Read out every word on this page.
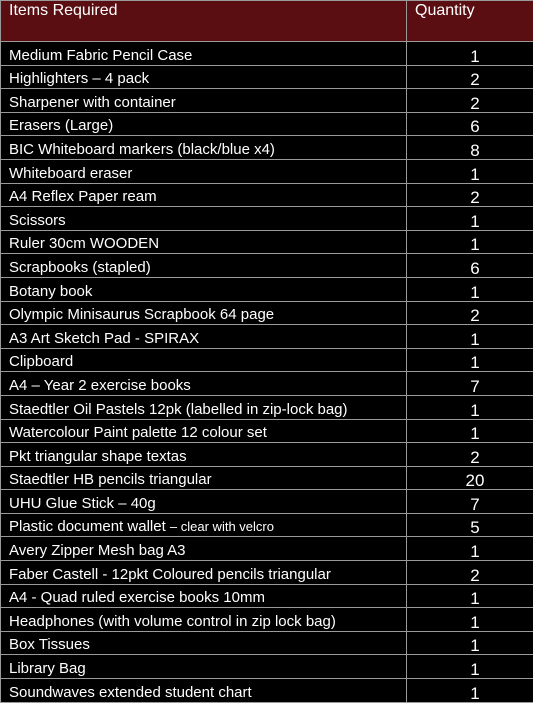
Items Required	Quantity
Medium Fabric Pencil Case	1
Highlighters – 4 pack	2
Sharpener with container	2
Erasers (Large)	6
BIC Whiteboard markers (black/blue x4)	8
Whiteboard eraser	1
A4 Reflex Paper ream	2
Scissors	1
Ruler 30cm WOODEN	1
Scrapbooks (stapled)	6
Botany book	1
Olympic Minisaurus Scrapbook 64 page	2
A3 Art Sketch Pad - SPIRAX	1
Clipboard	1
A4 – Year 2 exercise books	7
Staedtler Oil Pastels 12pk (labelled in zip-lock bag)	1
Watercolour Paint palette 12 colour set	1
Pkt triangular shape textas	2
Staedtler HB pencils triangular	20
UHU Glue Stick – 40g	7
Plastic document wallet – clear with velcro	5
Avery Zipper Mesh bag A3	1
Faber Castell - 12pkt Coloured pencils triangular	2
A4 - Quad ruled exercise books 10mm	1
Headphones (with volume control in zip lock bag)	1
Box Tissues	1
Library Bag	1
Soundwaves extended student chart	1
